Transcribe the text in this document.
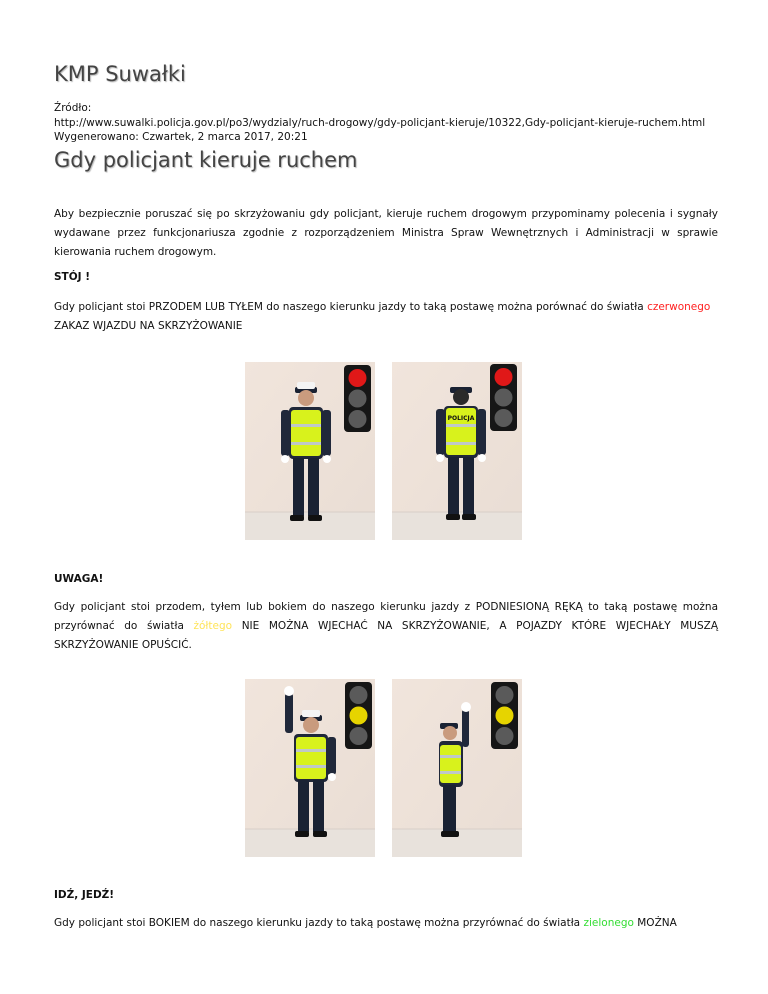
KMP Suwałki
Źródło:
http://www.suwalki.policja.gov.pl/po3/wydzialy/ruch-drogowy/gdy-policjant-kieruje/10322,Gdy-policjant-kieruje-ruchem.html
Wygenerowano: Czwartek, 2 marca 2017, 20:21
Gdy policjant kieruje ruchem
Aby bezpiecznie poruszać się po skrzyżowaniu gdy policjant, kieruje ruchem drogowym przypominamy polecenia i sygnały wydawane przez funkcjonariusza zgodnie z rozporządzeniem Ministra Spraw Wewnętrznych i Administracji w sprawie kierowania ruchem drogowym.
STÓJ !
Gdy policjant stoi PRZODEM LUB TYŁEM do naszego kierunku jazdy to taką postawę można porównać do światła czerwonego
ZAKAZ WJAZDU NA SKRZYŻOWANIE
POLICJA
UWAGA!
Gdy policjant stoi przodem, tyłem lub bokiem do naszego kierunku jazdy z PODNIESIONĄ RĘKĄ to taką postawę można przyrównać do światła żółtego NIE MOŻNA WJECHAĆ NA SKRZYŻOWANIE, A POJAZDY KTÓRE WJECHAŁY MUSZĄ SKRZYŻOWANIE OPUŚCIĆ.
IDŹ, JEDŹ!
Gdy policjant stoi BOKIEM do naszego kierunku jazdy to taką postawę można przyrównać do światła zielonego MOŻNA
